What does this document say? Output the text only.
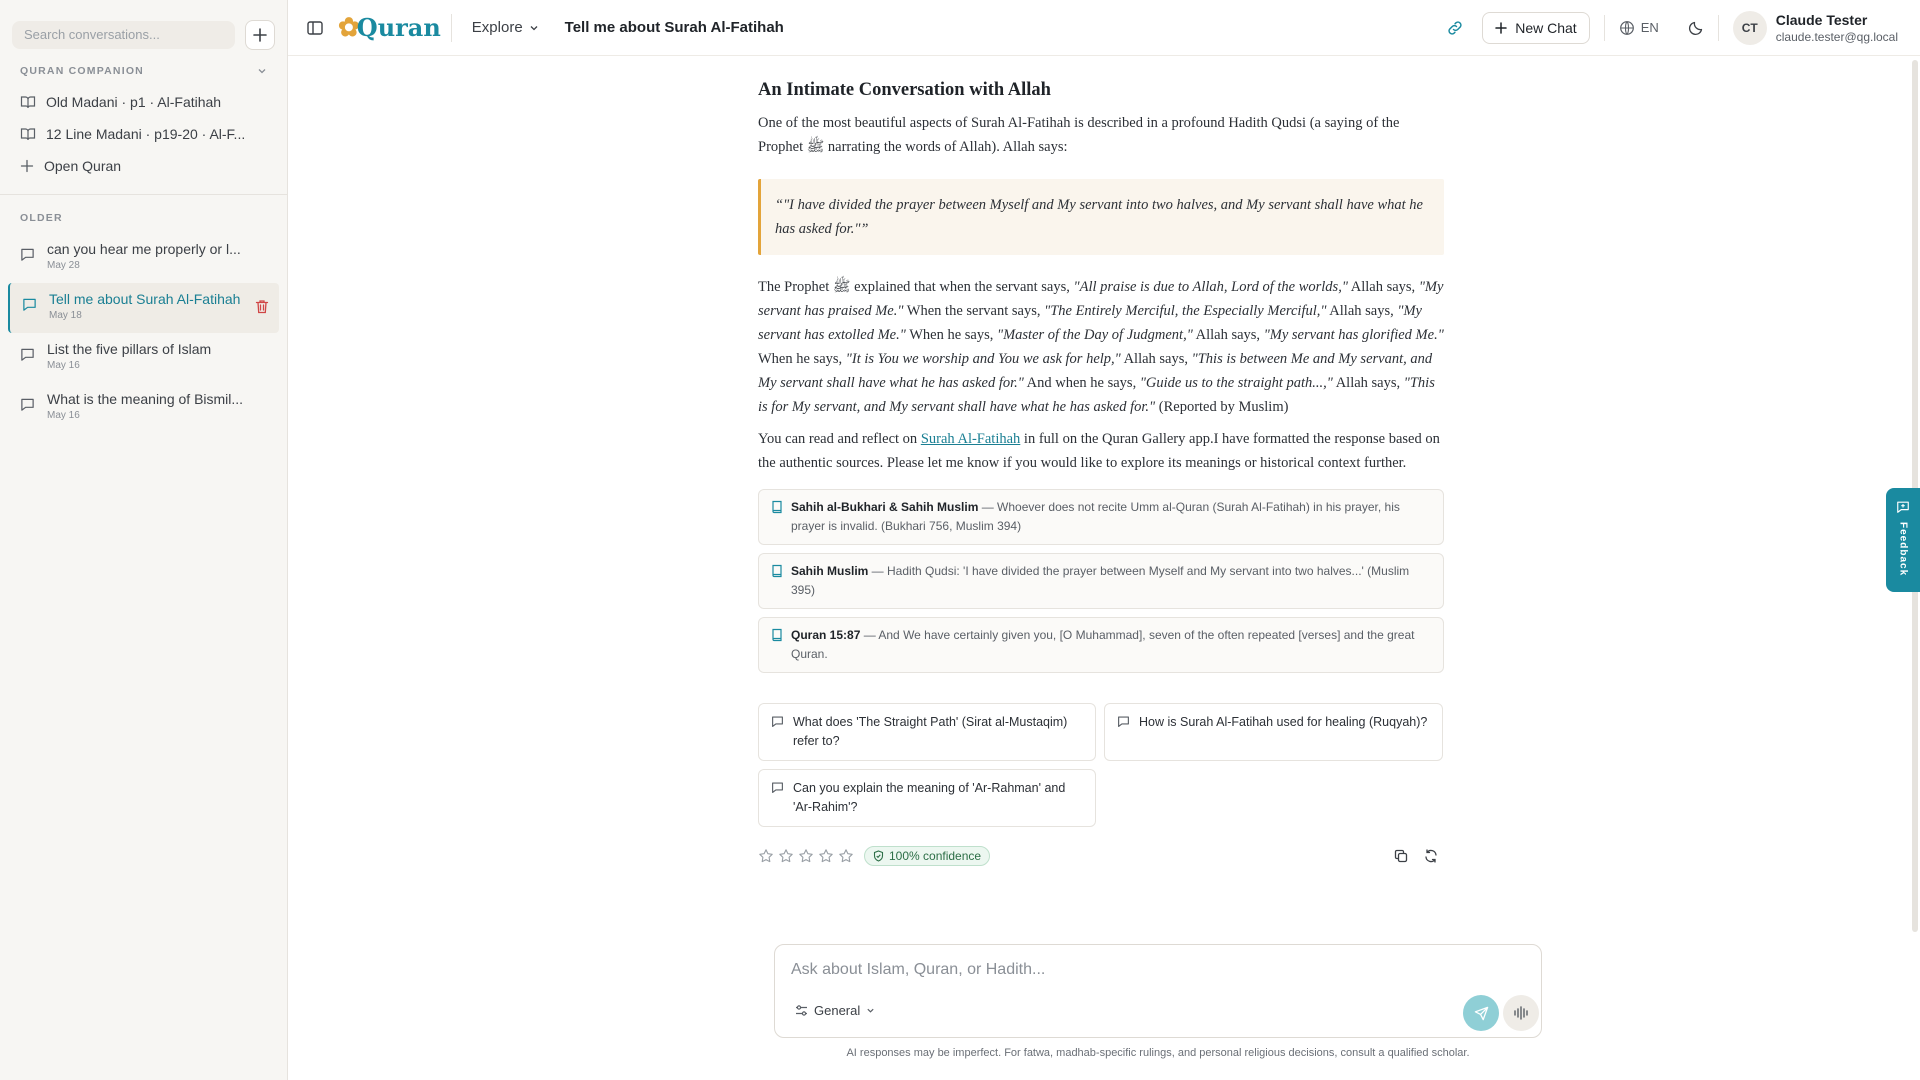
Search conversations...
QURAN COMPANION
Old Madani · p1 · Al-Fatihah
12 Line Madani · p19-20 · Al-F...
Open Quran
OLDER
can you hear me properly or l...
May 28
Tell me about Surah Al-Fatihah
May 18
List the five pillars of Islam
May 16
What is the meaning of Bismil...
May 16
✿
Quran Explore	Tell me about Surah Al-Fatihah	New Chat	EN	CT	Claude Tester
claude.tester@qg.local
An Intimate Conversation with Allah

One of the most beautiful aspects of Surah Al-Fatihah is described in a profound Hadith Qudsi (a saying of the Prophet ﷺ narrating the words of Allah). Allah says:

“"I have divided the prayer between Myself and My servant into two halves, and My servant shall have what he has asked for."”

The Prophet ﷺ explained that when the servant says, "All praise is due to Allah, Lord of the worlds," Allah says, "My servant has praised Me." When the servant says, "The Entirely Merciful, the Especially Merciful," Allah says, "My servant has extolled Me." When he says, "Master of the Day of Judgment," Allah says, "My servant has glorified Me." When he says, "It is You we worship and You we ask for help," Allah says, "This is between Me and My servant, and My servant shall have what he has asked for." And when he says, "Guide us to the straight path...," Allah says, "This is for My servant, and My servant shall have what he has asked for." (Reported by Muslim)

You can read and reflect on Surah Al-Fatihah in full on the Quran Gallery app.I have formatted the response based on the authentic sources. Please let me know if you would like to explore its meanings or historical context further.

Sahih al-Bukhari & Sahih Muslim — Whoever does not recite Umm al-Quran (Surah Al-Fatihah) in his prayer, his prayer is invalid. (Bukhari 756, Muslim 394)
Sahih Muslim — Hadith Qudsi: 'I have divided the prayer between Myself and My servant into two halves...' (Muslim 395)
Quran 15:87 — And We have certainly given you, [O Muhammad], seven of the often repeated [verses] and the great Quran.
What does 'The Straight Path' (Sirat al-Mustaqim) refer to?
How is Surah Al-Fatihah used for healing (Ruqyah)?
Can you explain the meaning of 'Ar-Rahman' and 'Ar-Rahim'?
100% confidence
Ask about Islam, Quran, or Hadith...
General
AI responses may be imperfect. For fatwa, madhab-specific rulings, and personal religious decisions, consult a qualified scholar.
Feedback
